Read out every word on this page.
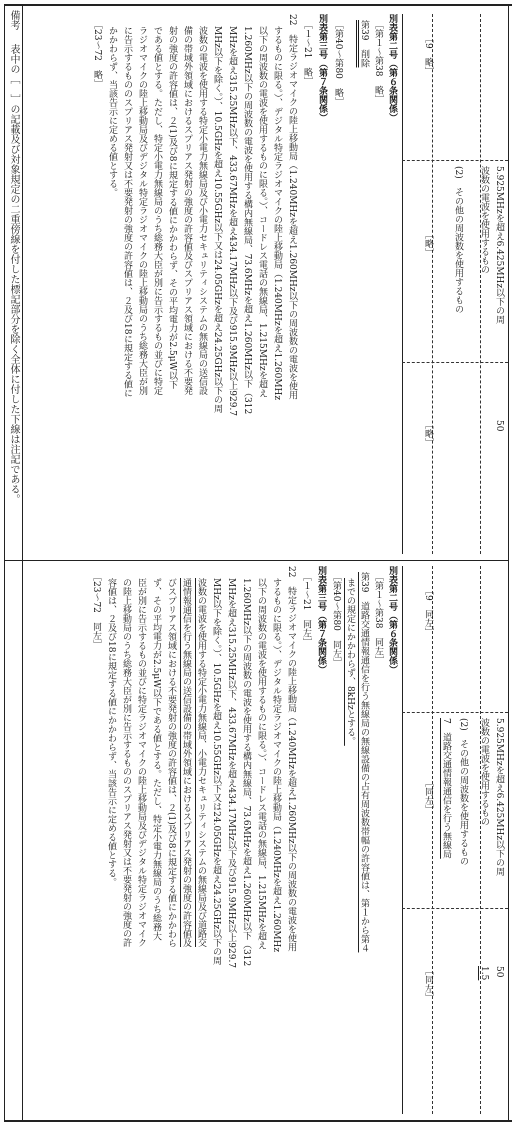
［9　略］
［略］	5.925MHzを超え6.425MHz以下の周
波数の電波を使用するもの
(2)　その他の周波数を使用するもの
50
［略］
別表第二号（第６条関係）
［第１～第38　略］
第39　削除
［第40～第80　略］
別表第三号（第７条関係）
［１～21　略］
22　特定ラジオマイクの陸上移動局（1.240MHzを超え1.260MHz以下の周波数の電波を使用
するものに限る。）、デジタル特定ラジオマイクの陸上移動局（1.240MHzを超え1.260MHz
以下の周波数の電波を使用するものに限る。）、コードレス電話の無線局、1.215MHzを超え
1.260MHz以下の周波数の電波を使用する構内無線局、73.6MHzを超え1.260MHz以下（312
MHzを超え315.25MHz以下、433.67MHzを超え434.17MHz以下及び915.9MHz以上929.7
MHz以下を除く。）、10.5GHzを超え10.55GHz以下又は24.05GHzを超え24.25GHz以下の周
波数の電波を使用する特定小電力無線局及び小電力セキュリティシステムの無線局の送信設
備の帯域外領域におけるスプリアス発射の強度の許容値及びスプリアス領域における不要発
射の強度の許容値は、２(1)及び8に規定する値にかかわらず、その平均電力が2.5μW以下
である値とする。ただし、特定小電力無線局のうち総務大臣が別に告示するもの並びに特定
ラジオマイクの陸上移動局及びデジタル特定ラジオマイクの陸上移動局のうち総務大臣が別
に告示するもののスプリアス発射又は不要発射の強度の許容値は、２及び18に規定する値に
かかわらず、当該告示に定める値とする。
［23～72　略］
［9　同左］
［同左］	5.925MHzを超え6.425MHz以下の周
波数の電波を使用するもの
(2)　その他の周波数を使用するもの
7　道路交通情報通信を行う無線局
50
1.5
［同左］
別表第二号（第６条関係）
［第１～第38　同左］
第39　道路交通情報通信を行う無線局の無線設備の占有周波数帯幅の許容値は、第１から第４
までの規定にかかわらず、8kHzとする。
［第40～第80　同左］
別表第三号（第７条関係）
［１～21　同左］
22　特定ラジオマイクの陸上移動局（1.240MHzを超え1.260MHz以下の周波数の電波を使用
するものに限る。）、デジタル特定ラジオマイクの陸上移動局（1.240MHzを超え1.260MHz
以下の周波数の電波を使用するものに限る。）、コードレス電話の無線局、1.215MHzを超え
1.260MHz以下の周波数の電波を使用する構内無線局、73.6MHzを超え1.260MHz以下（312
MHzを超え315.25MHz以下、433.67MHzを超え434.17MHz以下及び915.9MHz以上929.7
MHz以下を除く。）、10.5GHzを超え10.55GHz以下又は24.05GHzを超え24.25GHz以下の周
波数の電波を使用する特定小電力無線局、小電力セキュリティシステムの無線局及び道路交
通情報通信を行う無線局の送信設備の帯域外領域におけるスプリアス発射の強度の許容値及
びスプリアス領域における不要発射の強度の許容値は、２(1)及び8に規定する値にかかわら
ず、その平均電力が2.5μW以下である値とする。ただし、特定小電力無線局のうち総務大
臣が別に告示するもの並びに特定ラジオマイクの陸上移動局及びデジタル特定ラジオマイク
の陸上移動局のうち総務大臣が別に告示するもののスプリアス発射又は不要発射の強度の許
容値は、２及び18に規定する値にかかわらず、当該告示に定める値とする。
［23～72　同左］
備考
表中の［　］の記載及び対象規定の二重傍線を付した標記部分を除く全体に付した下線は注記である。
